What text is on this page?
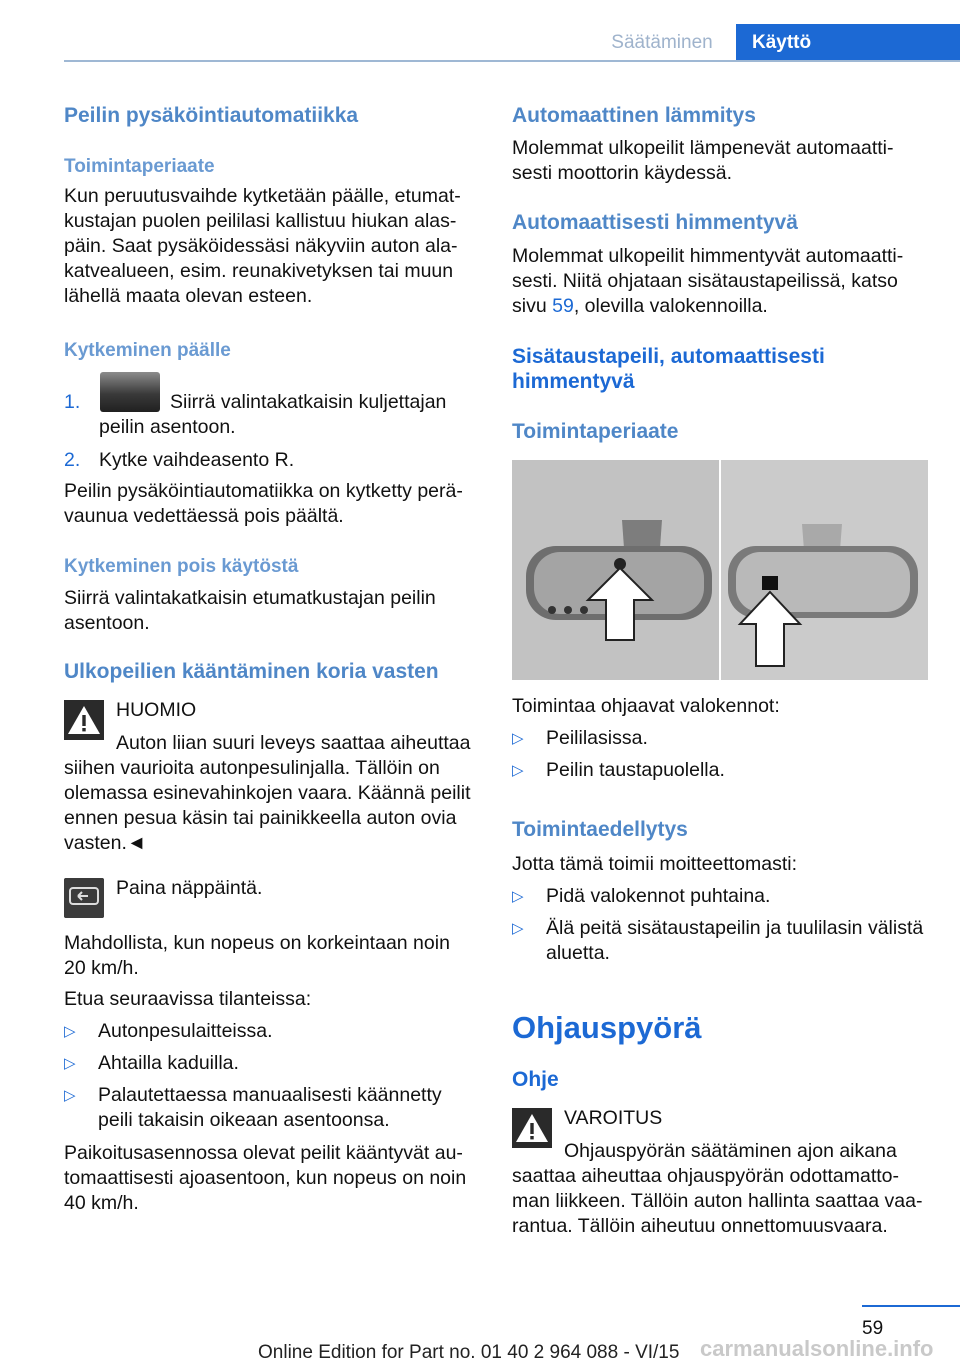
Säätäminen	Käyttö
Peilin pysäköintiautomatiikka
Toimintaperiaate
Kun peruutusvaihde kytketään päälle, etumat-
kustajan puolen peililasi kallistuu hiukan alas-
päin. Saat pysäköidessäsi näkyviin auton ala-
katvealueen, esim. reunakivetyksen tai muun
lähellä maata olevan esteen.
Kytkeminen päälle
1.	Siirrä valintakatkaisin kuljettajan
peilin asentoon.
2. Kytke vaihdeasento R.
Peilin pysäköintiautomatiikka on kytketty perä-
vaunua vedettäessä pois päältä.
Kytkeminen pois käytöstä
Siirrä valintakatkaisin etumatkustajan peilin
asentoon.
Ulkopeilien kääntäminen koria vasten
HUOMIO
Auton liian suuri leveys saattaa aiheuttaa
siihen vaurioita autonpesulinjalla. Tällöin on
olemassa esinevahinkojen vaara. Käännä peilit
ennen pesua käsin tai painikkeella auton ovia
vasten.◄
Paina näppäintä.
Mahdollista, kun nopeus on korkeintaan noin
20 km/h.
Etua seuraavissa tilanteissa:
▷ Autonpesulaitteissa.
▷ Ahtailla kaduilla.
▷ Palautettaessa manuaalisesti käännetty
peili takaisin oikeaan asentoonsa.
Paikoitusasennossa olevat peilit kääntyvät au-
tomaattisesti ajoasentoon, kun nopeus on noin
40 km/h.
Automaattinen lämmitys
Molemmat ulkopeilit lämpenevät automaatti-
sesti moottorin käydessä.
Automaattisesti himmentyvä
Molemmat ulkopeilit himmentyvät automaatti-
sesti. Niitä ohjataan sisätaustapeilissä, katso
sivu 59, olevilla valokennoilla.
Sisätaustapeili, automaattisesti
himmentyvä
Toimintaperiaate
Toimintaa ohjaavat valokennot:
▷ Peililasissa.
▷ Peilin taustapuolella.
Toimintaedellytys
Jotta tämä toimii moitteettomasti:
▷ Pidä valokennot puhtaina.
▷ Älä peitä sisätaustapeilin ja tuulilasin välistä
aluetta.
Ohjauspyörä
Ohje
VAROITUS
Ohjauspyörän säätäminen ajon aikana
saattaa aiheuttaa ohjauspyörän odottamatto-
man liikkeen. Tällöin auton hallinta saattaa vaa-
rantua. Tällöin aiheutuu onnettomuusvaara.
59
Online Edition for Part no. 01 40 2 964 088 - VI/15 carmanualsonline.info
